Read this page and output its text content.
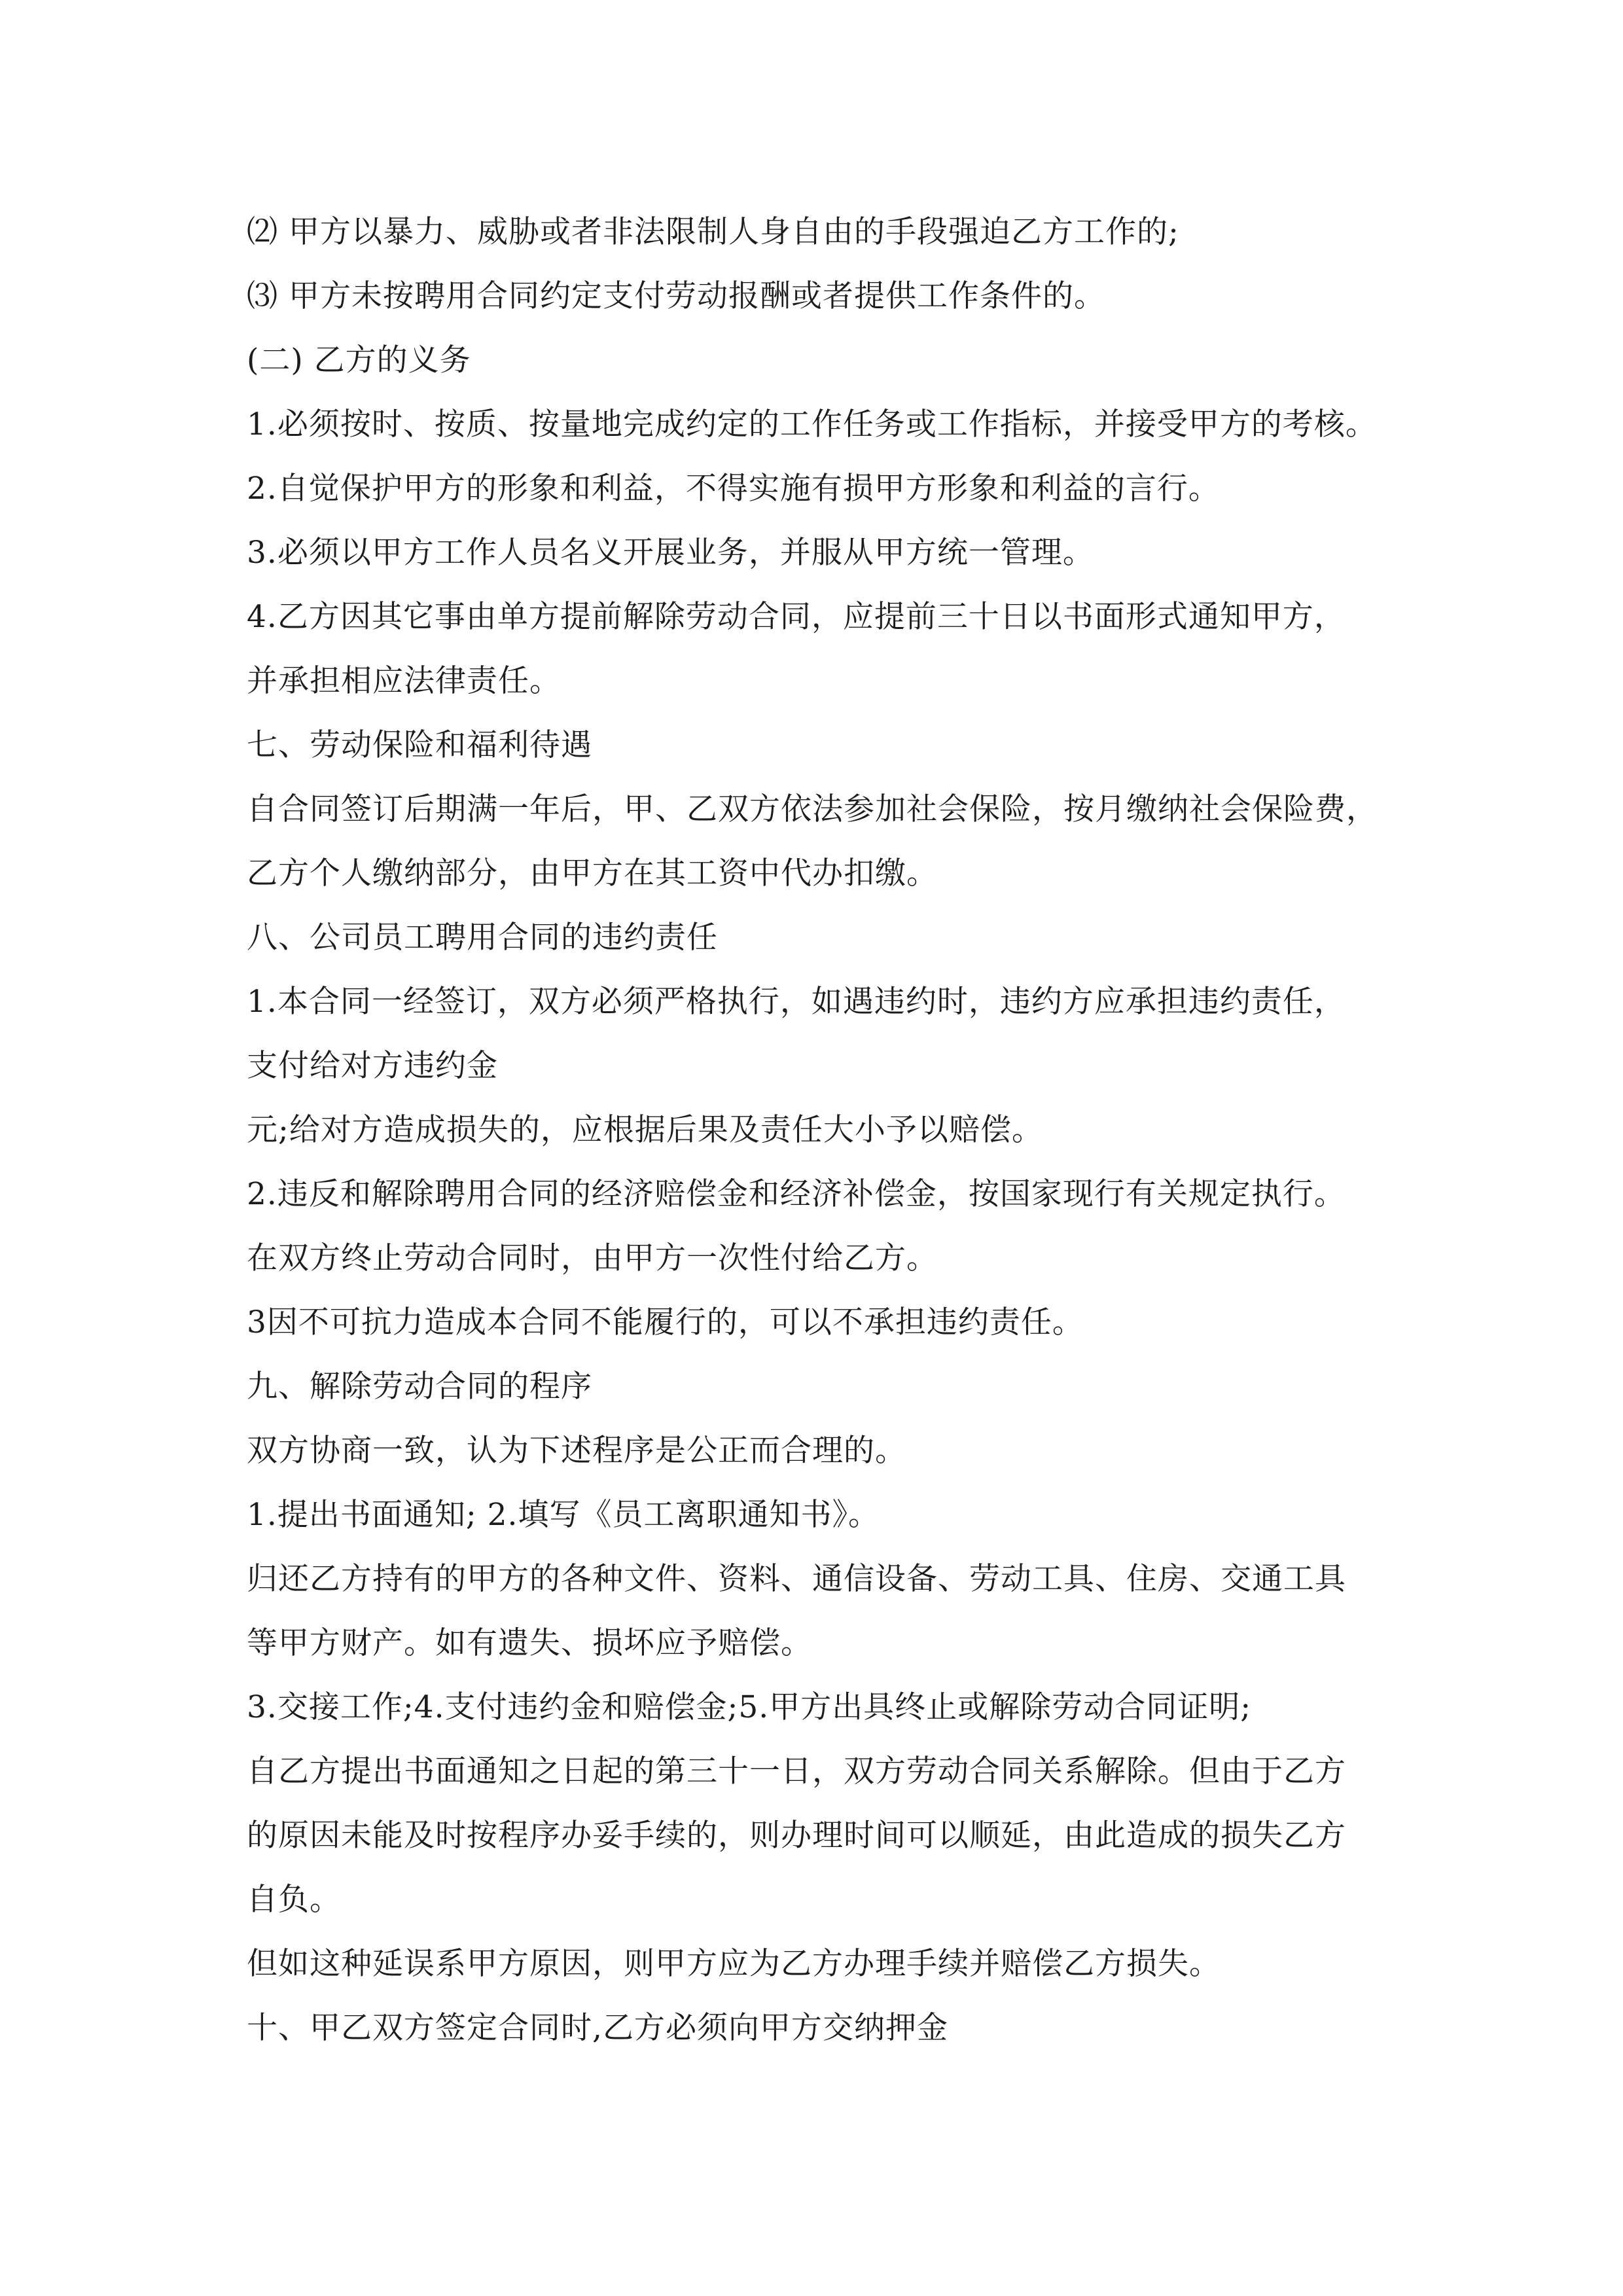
⑵ 甲方以暴力、威胁或者非法限制人身自由的手段强迫乙方工作的;
⑶ 甲方未按聘用合同约定支付劳动报酬或者提供工作条件的。
(二) 乙方的义务
1.必须按时、按质、按量地完成约定的工作任务或工作指标，并接受甲方的考核。
2.自觉保护甲方的形象和利益，不得实施有损甲方形象和利益的言行。
3.必须以甲方工作人员名义开展业务，并服从甲方统一管理。
4.乙方因其它事由单方提前解除劳动合同，应提前三十日以书面形式通知甲方，
并承担相应法律责任。
七、劳动保险和福利待遇
自合同签订后期满一年后，甲、乙双方依法参加社会保险，按月缴纳社会保险费，
乙方个人缴纳部分，由甲方在其工资中代办扣缴。
八、公司员工聘用合同的违约责任
1.本合同一经签订，双方必须严格执行，如遇违约时，违约方应承担违约责任，
支付给对方违约金
元;给对方造成损失的，应根据后果及责任大小予以赔偿。
2.违反和解除聘用合同的经济赔偿金和经济补偿金，按国家现行有关规定执行。
在双方终止劳动合同时，由甲方一次性付给乙方。
3因不可抗力造成本合同不能履行的，可以不承担违约责任。
九、解除劳动合同的程序
双方协商一致，认为下述程序是公正而合理的。
1.提出书面通知; 2.填写《员工离职通知书》。
归还乙方持有的甲方的各种文件、资料、通信设备、劳动工具、住房、交通工具
等甲方财产。如有遗失、损坏应予赔偿。
3.交接工作;4.支付违约金和赔偿金;5.甲方出具终止或解除劳动合同证明;
自乙方提出书面通知之日起的第三十一日，双方劳动合同关系解除。但由于乙方
的原因未能及时按程序办妥手续的，则办理时间可以顺延，由此造成的损失乙方
自负。
但如这种延误系甲方原因，则甲方应为乙方办理手续并赔偿乙方损失。
十、甲乙双方签定合同时,乙方必须向甲方交纳押金
